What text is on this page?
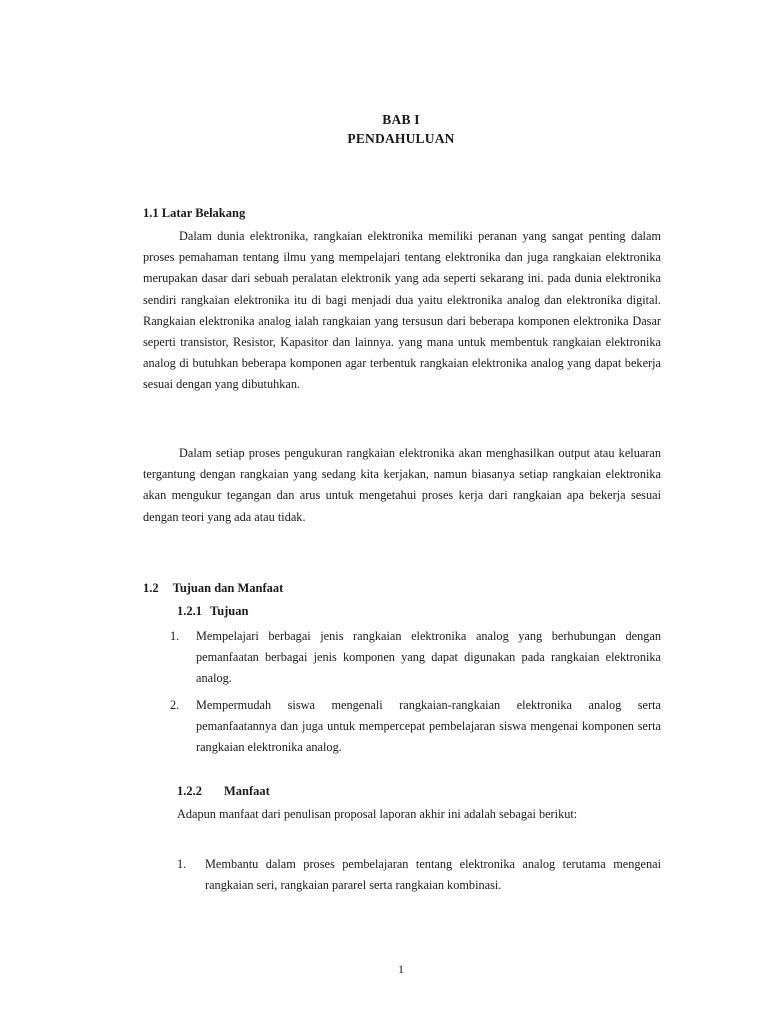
BAB I
PENDAHULUAN
1.1 Latar Belakang
Dalam dunia elektronika, rangkaian elektronika memiliki peranan yang sangat penting dalam proses pemahaman tentang ilmu yang mempelajari tentang elektronika dan juga rangkaian elektronika merupakan dasar dari sebuah peralatan elektronik yang ada seperti sekarang ini. pada dunia elektronika sendiri rangkaian elektronika itu di bagi menjadi dua yaitu elektronika analog dan elektronika digital. Rangkaian elektronika analog ialah rangkaian yang tersusun dari beberapa komponen elektronika Dasar seperti transistor, Resistor, Kapasitor dan lainnya. yang mana untuk membentuk rangkaian elektronika analog di butuhkan beberapa komponen agar terbentuk rangkaian elektronika analog yang dapat bekerja sesuai dengan yang dibutuhkan.
Dalam setiap proses pengukuran rangkaian elektronika akan menghasilkan output atau keluaran tergantung dengan rangkaian yang sedang kita kerjakan, namun biasanya setiap rangkaian elektronika akan mengukur tegangan dan arus untuk mengetahui proses kerja dari rangkaian apa bekerja sesuai dengan teori yang ada atau tidak.
1.2 Tujuan dan Manfaat
1.2.1 Tujuan
1. Mempelajari berbagai jenis rangkaian elektronika analog yang berhubungan dengan pemanfaatan berbagai jenis komponen yang dapat digunakan pada rangkaian elektronika analog.
2. Mempermudah siswa mengenali rangkaian-rangkaian elektronika analog serta pemanfaatannya dan juga untuk mempercepat pembelajaran siswa mengenai komponen serta rangkaian elektronika analog.
1.2.2 Manfaat
Adapun manfaat dari penulisan proposal laporan akhir ini adalah sebagai berikut:
1. Membantu dalam proses pembelajaran tentang elektronika analog terutama mengenai rangkaian seri, rangkaian pararel serta rangkaian kombinasi.
1
